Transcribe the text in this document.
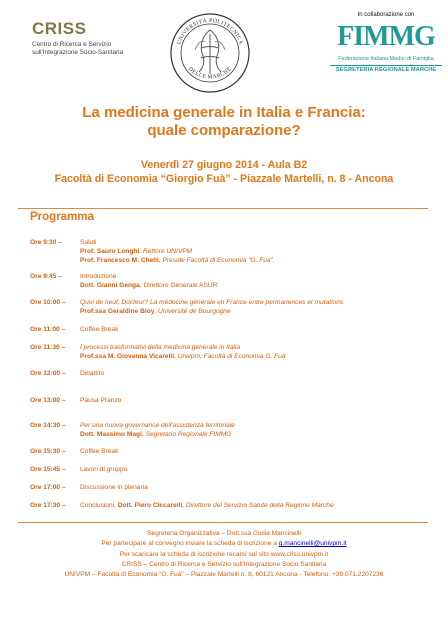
CRISS
Centro di Ricerca e Servizio
sull'Integrazione Socio-Sanitaria
UNIVERSITÀ POLITECNICA
DELLE MARCHE
In collaborazione con
FIMMG
Federazione Italiana Medici di Famiglia
SEGRETERIA REGIONALE MARCHE
La medicina generale in Italia e Francia:
quale comparazione?
Venerdì 27 giugno 2014 - Aula B2
Facoltà di Economia “Giorgio Fuà” - Piazzale Martelli, n. 8 - Ancona
Programma
Ore 9:30 –	Saluti
Prof. Sauro Longhi, Rettore UNIVPM
Prof. Francesco M. Chelli, Preside Facoltà di Economia “G. Fuà”.
Ore 9:45 –	Introduzione
Dott. Gianni Genga, Direttore Generale ASUR
Ore 10:00 –	Quoi de neuf, Docteur? La médecine générale en France entre permanences et mutations
Prof.ssa Geraldine Bloy, Université de Bourgogne
Ore 11:00 –	Coffee Break
Ore 11:30 –	I processi trasformativi della medicina generale in Italia
Prof.ssa M. Giovanna Vicarelli, Univpm, Facoltà di Economia G. Fuà
Ore 12:00 –	Dibattito
Ore 13:00 –	Pausa Pranzo
Ore 14:30 –	Per una nuova governance dell'assistenza territoriale
Dott. Massimo Magi, Segretario Regionale FIMMG
Ore 15:30 –	Coffee Break
Ore 15:45 –	Lavori di gruppo
Ore 17:00 –	Discussione in plenaria
Ore 17:30 –	Conclusioni, Dott. Piero Ciccarelli, Direttore del Servizio Salute della Regione Marche
Segreteria Organizzativa – Dott.ssa Giulia Mancinelli
Per partecipare al convegno inviare la scheda di iscrizione a g.mancinelli@univpm.it
Per scaricare la scheda di iscrizione recarsi sul sito www.criss.univpm.it
CRISS – Centro di Ricerca e Servizio sull'Integrazione Socio Sanitaria
UNIVPM – Facoltà di Economia “G. Fuà” – Piazzale Martelli n. 8, 60121 Ancona - Telefono: +39.071.2207236
